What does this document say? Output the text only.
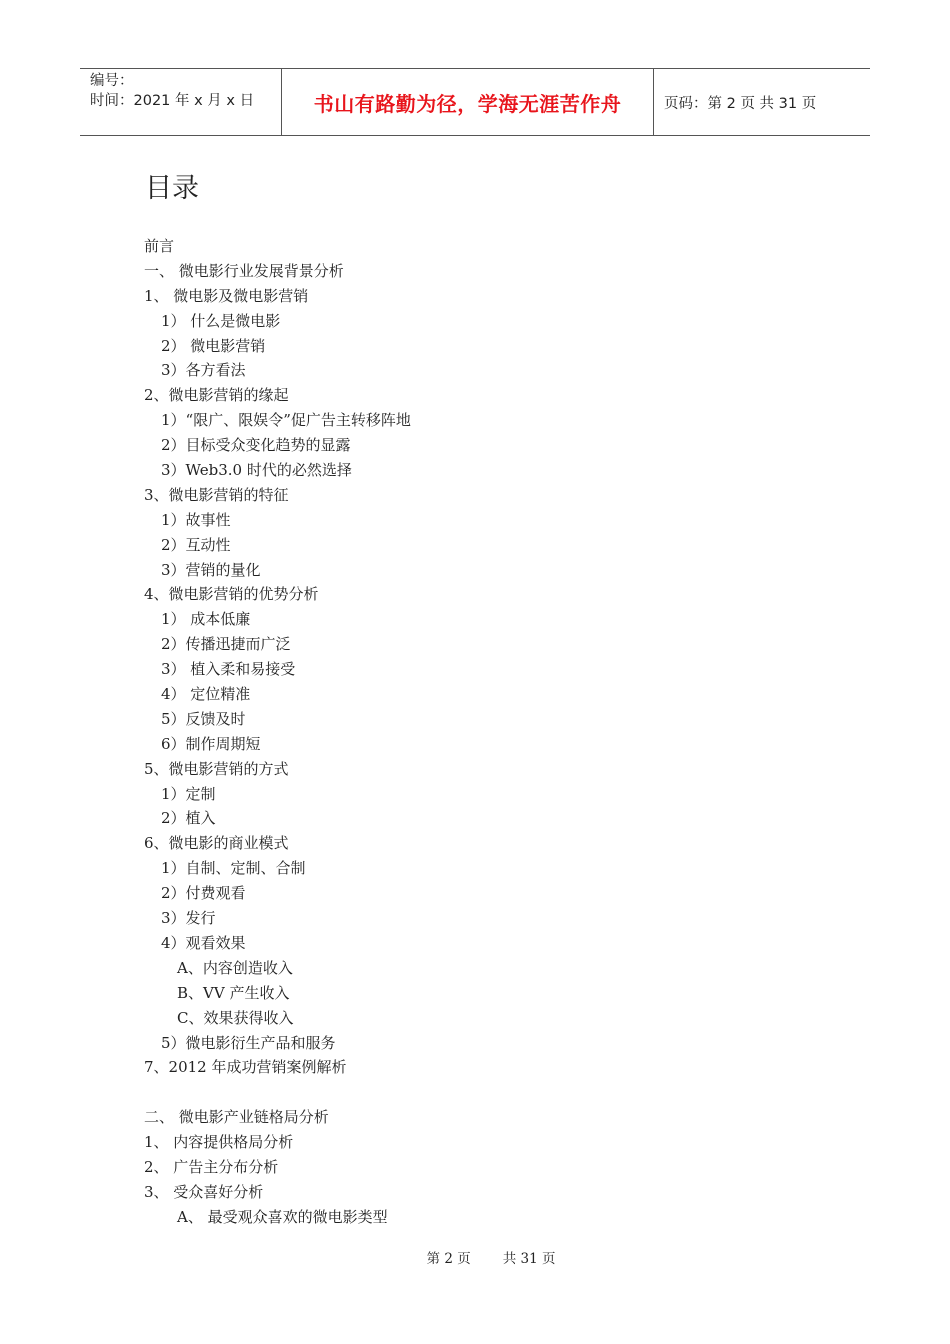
编号：
时间：2021 年 x 月 x 日	书山有路勤为径，学海无涯苦作舟	页码：第 2 页 共 31 页
目录
前言
一、 微电影行业发展背景分析
1、 微电影及微电影营销
1） 什么是微电影
2） 微电影营销
3）各方看法
2、微电影营销的缘起
1）“限广、限娱令”促广告主转移阵地
2）目标受众变化趋势的显露
3）Web3.0 时代的必然选择
3、微电影营销的特征
1）故事性
2）互动性
3）营销的量化
4、微电影营销的优势分析
1） 成本低廉
2）传播迅捷而广泛
3） 植入柔和易接受
4） 定位精准
5）反馈及时
6）制作周期短
5、微电影营销的方式
1）定制
2）植入
6、微电影的商业模式
1）自制、定制、合制
2）付费观看
3）发行
4）观看效果
A、内容创造收入
B、VV 产生收入
C、效果获得收入
5）微电影衍生产品和服务
7、2012 年成功营销案例解析
二、 微电影产业链格局分析
1、 内容提供格局分析
2、 广告主分布分析
3、 受众喜好分析
A、 最受观众喜欢的微电影类型
第 2 页 共 31 页
